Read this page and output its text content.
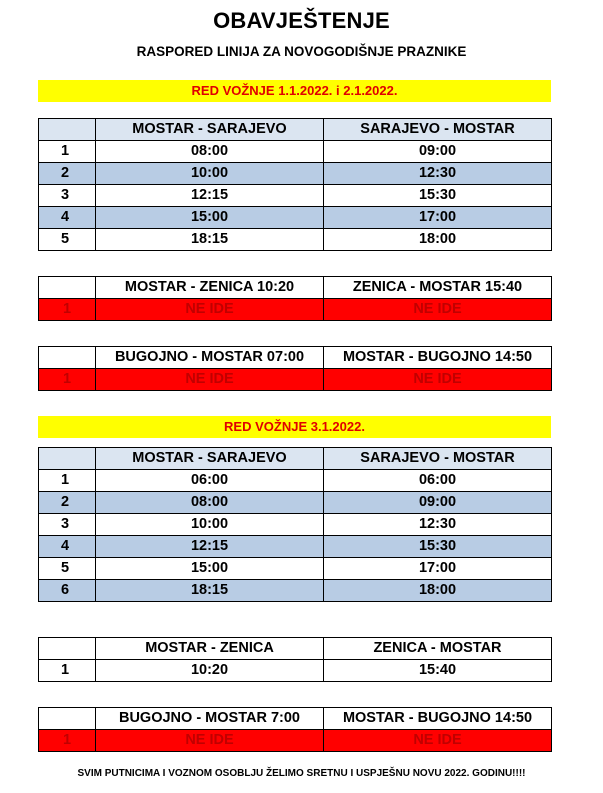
OBAVJEŠTENJE
RASPORED LINIJA ZA NOVOGODIŠNJE PRAZNIKE
RED VOŽNJE 1.1.2022. i 2.1.2022.
	MOSTAR - SARAJEVO	SARAJEVO - MOSTAR
1	08:00	09:00
2	10:00	12:30
3	12:15	15:30
4	15:00	17:00
5	18:15	18:00
	MOSTAR - ZENICA 10:20	ZENICA - MOSTAR 15:40
1	NE IDE	NE IDE
	BUGOJNO - MOSTAR 07:00	MOSTAR - BUGOJNO 14:50
1	NE IDE	NE IDE
RED VOŽNJE 3.1.2022.
	MOSTAR - SARAJEVO	SARAJEVO - MOSTAR
1	06:00	06:00
2	08:00	09:00
3	10:00	12:30
4	12:15	15:30
5	15:00	17:00
6	18:15	18:00
	MOSTAR - ZENICA	ZENICA - MOSTAR
1	10:20	15:40
	BUGOJNO - MOSTAR 7:00	MOSTAR - BUGOJNO 14:50
1	NE IDE	NE IDE
SVIM PUTNICIMA I VOZNOM OSOBLJU ŽELIMO SRETNU I USPJEŠNU NOVU 2022. GODINU!!!!
